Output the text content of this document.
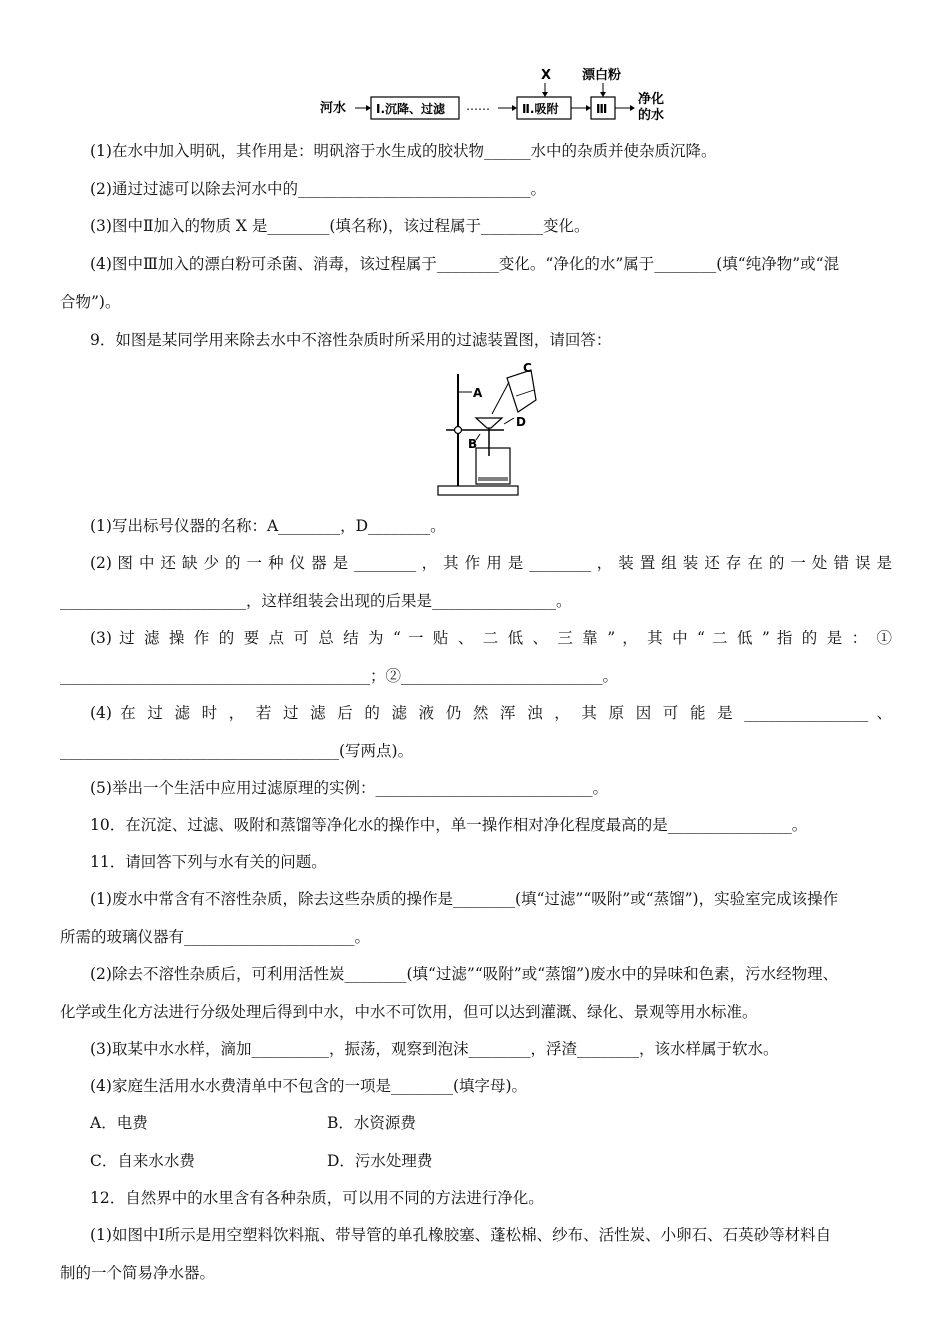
河水 Ⅰ.沉降、过滤 ……	Ⅱ.吸附
X
Ⅲ
漂白粉
净化
的水
(1)在水中加入明矾，其作用是：明矾溶于水生成的胶状物______水中的杂质并使杂质沉降。
(2)通过过滤可以除去河水中的______________________________。
(3)图中Ⅱ加入的物质 X 是________(填名称)，该过程属于________变化。
(4)图中Ⅲ加入的漂白粉可杀菌、消毒，该过程属于________变化。“净化的水”属于________(填“纯净物”或“混
合物”)。
9．如图是某同学用来除去水中不溶性杂质时所采用的过滤装置图，请回答：
A
B
C
D
(1)写出标号仪器的名称：A________，D________。
(2) 图 中 还 缺 少 的 一 种 仪 器 是 ________ ， 其 作 用 是 ________ ， 装 置 组 装 还 存 在 的 一 处 错 误 是
________________________，这样组装会出现的后果是________________。
(3) 过 滤 操 作 的 要 点 可 总 结 为 “ 一 贴 、 二 低 、 三 靠 ” ， 其 中 “ 二 低 ” 指 的 是 ： ①
________________________________________；②__________________________。
(4) 在 过 滤 时 ， 若 过 滤 后 的 滤 液 仍 然 浑 浊 ， 其 原 因 可 能 是 ________________ 、
____________________________________(写两点)。
(5)举出一个生活中应用过滤原理的实例：____________________________。
10．在沉淀、过滤、吸附和蒸馏等净化水的操作中，单一操作相对净化程度最高的是________________。
11．请回答下列与水有关的问题。
(1)废水中常含有不溶性杂质，除去这些杂质的操作是________(填“过滤”“吸附”或“蒸馏”)，实验室完成该操作
所需的玻璃仪器有______________________。
(2)除去不溶性杂质后，可利用活性炭________(填“过滤”“吸附”或“蒸馏”)废水中的异味和色素，污水经物理、
化学或生化方法进行分级处理后得到中水，中水不可饮用，但可以达到灌溉、绿化、景观等用水标准。
(3)取某中水水样，滴加__________，振荡，观察到泡沫________，浮渣________，该水样属于软水。
(4)家庭生活用水水费清单中不包含的一项是________(填字母)。
A．电费	B．水资源费
C．自来水水费	D．污水处理费
12．自然界中的水里含有各种杂质，可以用不同的方法进行净化。
(1)如图中Ⅰ所示是用空塑料饮料瓶、带导管的单孔橡胶塞、蓬松棉、纱布、活性炭、小卵石、石英砂等材料自
制的一个简易净水器。
